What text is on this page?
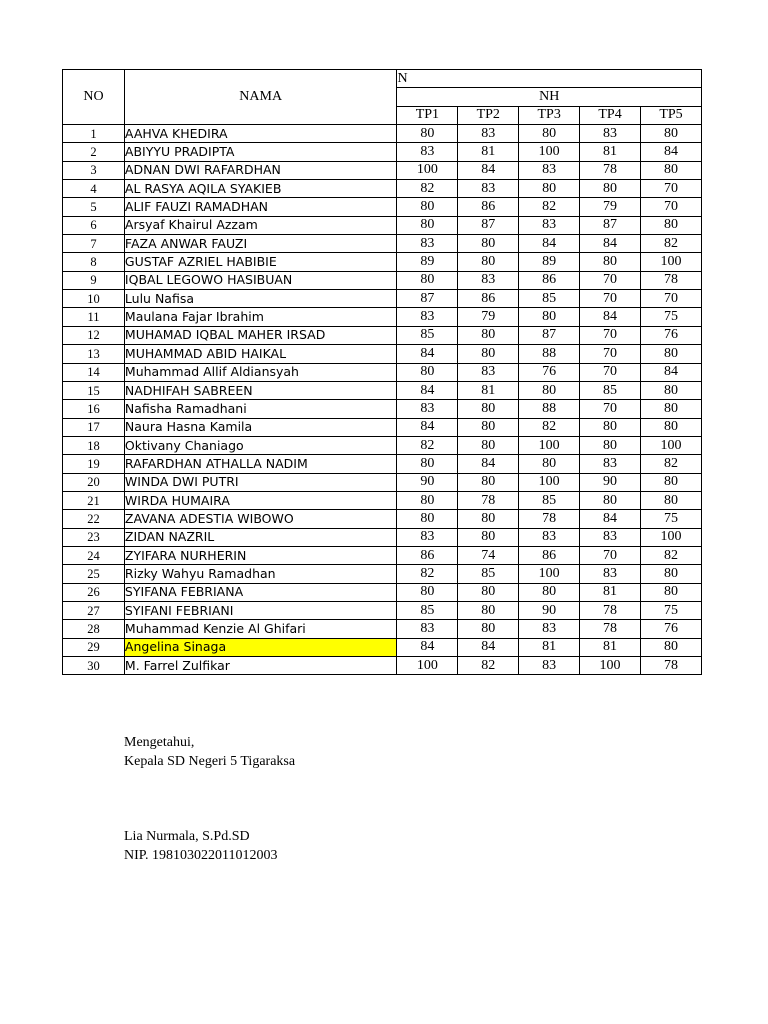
NO	NAMA	N				
		NH				
		TP1	TP2	TP3	TP4	TP5
1	AAHVA KHEDIRA	80	83	80	83	80
2	ABIYYU PRADIPTA	83	81	100	81	84
3	ADNAN DWI RAFARDHAN	100	84	83	78	80
4	AL RASYA AQILA SYAKIEB	82	83	80	80	70
5	ALIF FAUZI RAMADHAN	80	86	82	79	70
6	Arsyaf Khairul Azzam	80	87	83	87	80
7	FAZA ANWAR FAUZI	83	80	84	84	82
8	GUSTAF AZRIEL HABIBIE	89	80	89	80	100
9	IQBAL LEGOWO HASIBUAN	80	83	86	70	78
10	Lulu Nafisa	87	86	85	70	70
11	Maulana Fajar Ibrahim	83	79	80	84	75
12	MUHAMAD IQBAL MAHER IRSAD	85	80	87	70	76
13	MUHAMMAD ABID HAIKAL	84	80	88	70	80
14	Muhammad Allif Aldiansyah	80	83	76	70	84
15	NADHIFAH SABREEN	84	81	80	85	80
16	Nafisha Ramadhani	83	80	88	70	80
17	Naura Hasna Kamila	84	80	82	80	80
18	Oktivany Chaniago	82	80	100	80	100
19	RAFARDHAN ATHALLA NADIM	80	84	80	83	82
20	WINDA DWI PUTRI	90	80	100	90	80
21	WIRDA HUMAIRA	80	78	85	80	80
22	ZAVANA ADESTIA WIBOWO	80	80	78	84	75
23	ZIDAN NAZRIL	83	80	83	83	100
24	ZYIFARA NURHERIN	86	74	86	70	82
25	Rizky Wahyu Ramadhan	82	85	100	83	80
26	SYIFANA FEBRIANA	80	80	80	81	80
27	SYIFANI FEBRIANI	85	80	90	78	75
28	Muhammad Kenzie Al Ghifari	83	80	83	78	76
29	Angelina Sinaga	84	84	81	81	80
30	M. Farrel Zulfikar	100	82	83	100	78
Mengetahui,
Kepala SD Negeri 5 Tigaraksa
Lia Nurmala, S.Pd.SD
NIP. 198103022011012003
